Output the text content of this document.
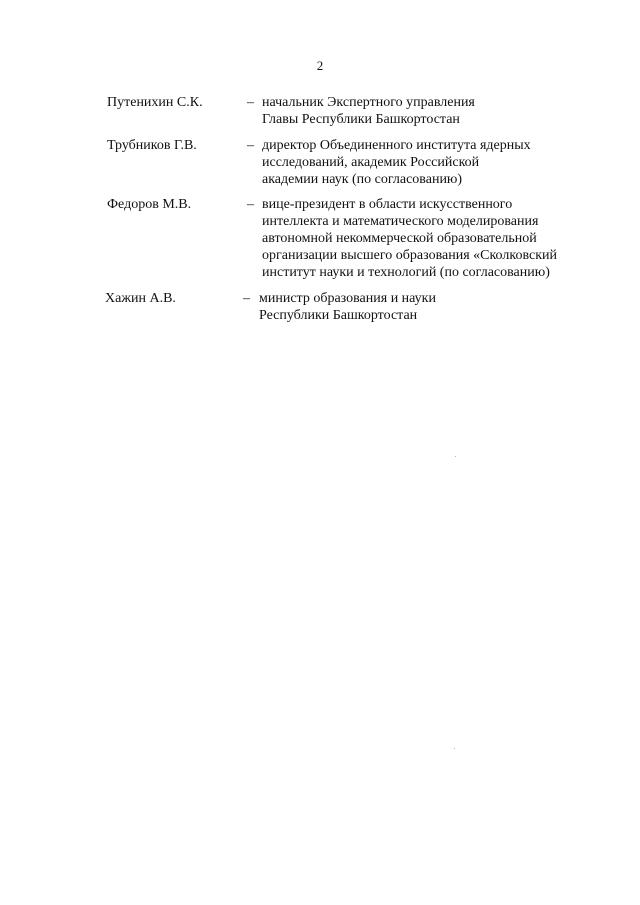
2
Путенихин С.К.	– начальник Экспертного управления
Главы Республики Башкортостан
Трубников Г.В.	– директор Объединенного института ядерных
исследований, академик Российской
академии наук (по согласованию)
Федоров М.В.	– вице-президент в области искусственного
интеллекта и математического моделирования
автономной некоммерческой образовательной
организации высшего образования «Сколковский
институт науки и технологий (по согласованию)
Хажин А.В.	– министр образования и науки
Республики Башкортостан
